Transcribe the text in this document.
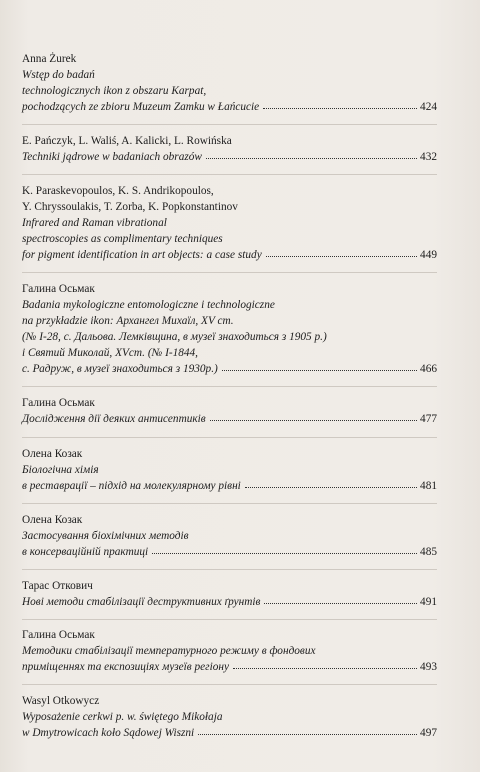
Anna Żurek
Wstęp do badań
technologicznych ikon z obszaru Karpat,
pochodzących ze zbioru Muzeum Zamku w Łańcucie	424
E. Pańczyk, L. Waliś, A. Kalicki, L. Rowińska
Techniki jądrowe w badaniach obrazów	432
K. Paraskevopoulos, K. S. Andrikopoulos,
Y. Chryssoulakis, T. Zorba, K. Popkonstantinov
Infrared and Raman vibrational
spectroscopies as complimentary techniques
for pigment identification in art objects: a case study	449
Галина Осьмак
Badania mykologiczne entomologiczne i technologiczne
na przykładzie ikon: Архангел Михаїл, XV ст.
(№ І-28, с. Дальова. Лемківщина, в музеї знаходиться з 1905 р.)
і Святий Миколай, XVст. (№ І-1844,
с. Радруж, в музеї знаходиться з 1930р.)	466
Галина Осьмак
Дослідження дії деяких антисептиків	477
Олена Козак
Біологічна хімія
в реставрації – підхід на молекулярному рівні	481
Олена Козак
Застосування біохімічних методів
в консерваційній практиці	485
Тарас Откович
Нові методи стабілізації деструктивних ґрунтів	491
Галина Осьмак
Методики стабілізації температурного режиму в фондових
приміщеннях та експозиціях музеїв регіону	493
Wasyl Otkowycz
Wyposażenie cerkwi p. w. świętego Mikołaja
w Dmytrowicach koło Sądowej Wiszni	497
